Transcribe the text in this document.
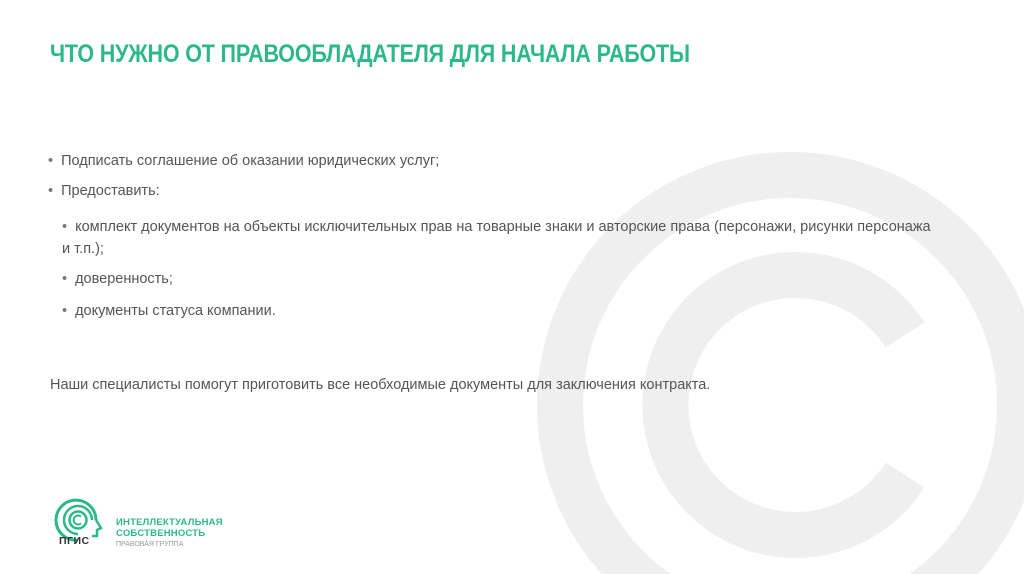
ЧТО НУЖНО ОТ ПРАВООБЛАДАТЕЛЯ ДЛЯ НАЧАЛА РАБОТЫ
• Подписать соглашение об оказании юридических услуг;
• Предоставить:
• комплект документов на объекты исключительных прав на товарные знаки и авторские права (персонажи, рисунки персонажа и т.п.);
• доверенность;
• документы статуса компании.
Наши специалисты помогут приготовить все необходимые документы для заключения контракта.
ПГИС
ИНТЕЛЛЕКТУАЛЬНАЯ
СОБСТВЕННОСТЬ
ПРАВОВАЯ ГРУППА
